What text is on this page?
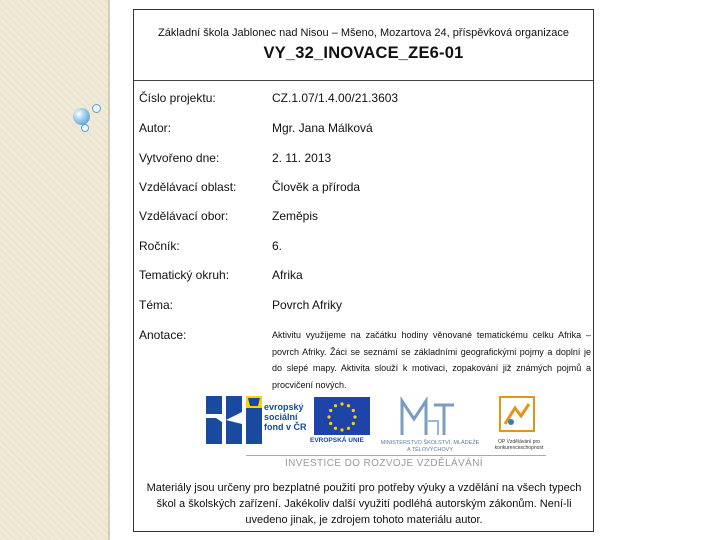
Základní škola Jablonec nad Nisou – Mšeno, Mozartova 24, příspěvková organizace
VY_32_INOVACE_ZE6-01
Číslo projektu:	CZ.1.07/1.4.00/21.3603
Autor:	Mgr. Jana Málková
Vytvořeno dne:	2. 11. 2013
Vzdělávací oblast:	Člověk a příroda
Vzdělávací obor:	Zeměpis
Ročník:	6.
Tematický okruh:	Afrika
Téma:	Povrch Afriky
Anotace:	Aktivitu využijeme na začátku hodiny věnované tematickému celku Afrika – povrch Afriky. Žáci se seznámí se základními geografickými pojmy a doplní je do slepé mapy. Aktivita slouží k motivaci, zopakování již známých pojmů a procvičení nových.
evropský
sociální
fond v ČR
EVROPSKÁ UNIE	MINISTERSTVO ŠKOLSTVÍ, MLÁDEŽE A TĚLOVÝCHOVY
OP Vzdělávání pro konkurenceschopnost
INVESTICE DO ROZVOJE VZDĚLÁVÁNÍ
Materiály jsou určeny pro bezplatné použití pro potřeby výuky a vzdělání na všech typech škol a školských zařízení. Jakékoliv další využití podléhá autorským zákonům. Není-li uvedeno jinak, je zdrojem tohoto materiálu autor.
